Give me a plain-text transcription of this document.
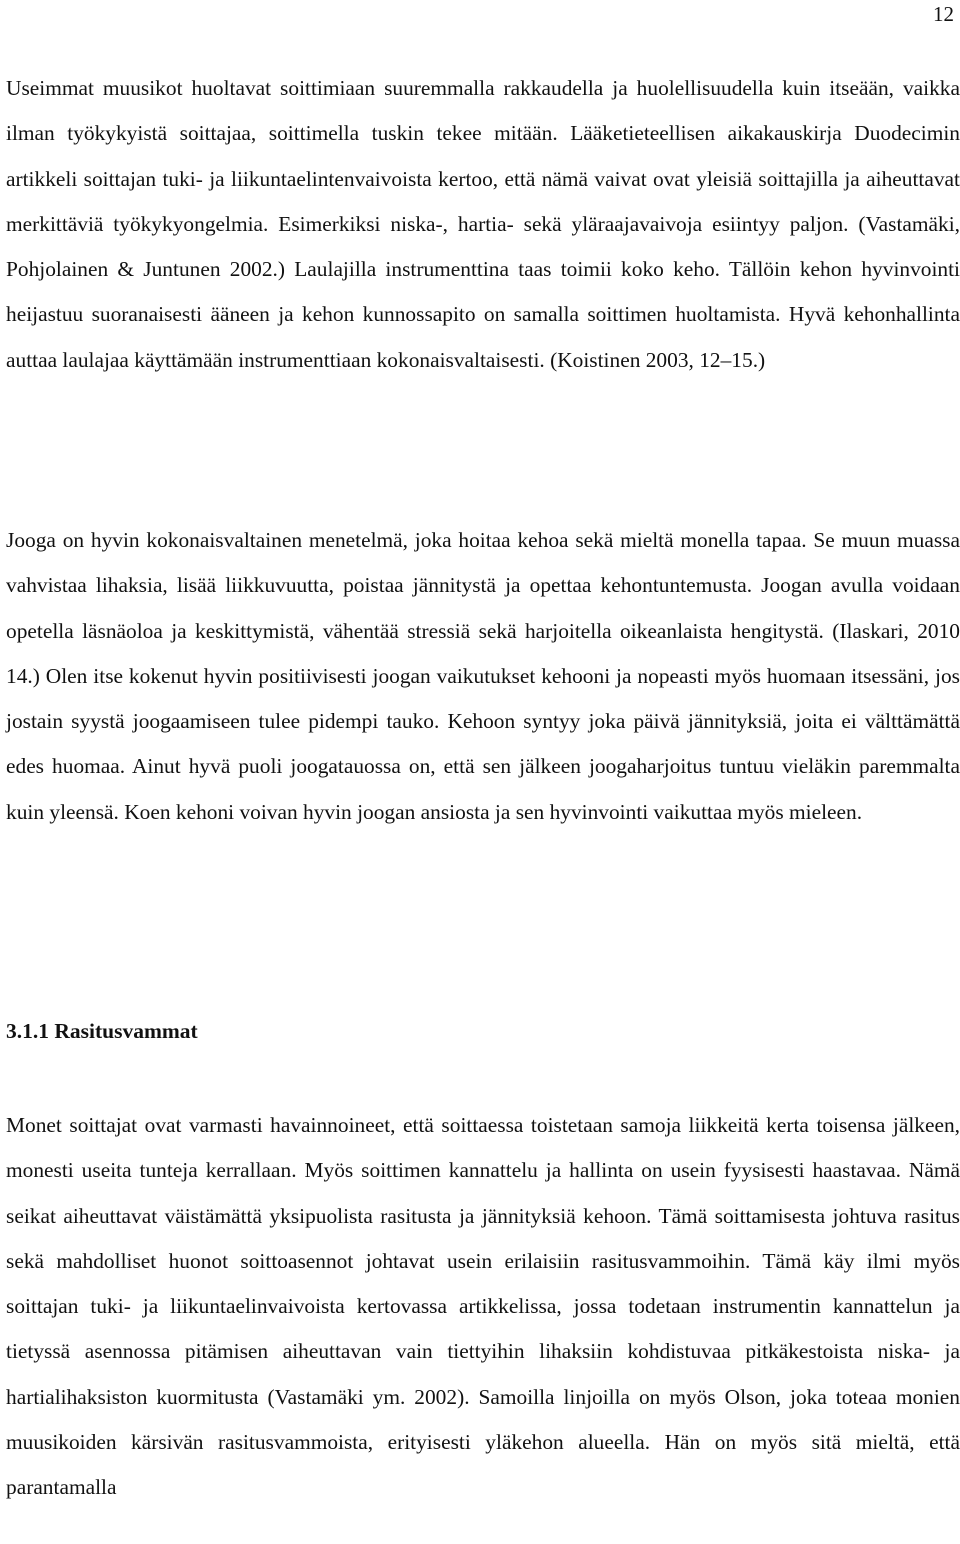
12

Useimmat muusikot huoltavat soittimiaan suuremmalla rakkaudella ja huolellisuudella kuin itseään, vaikka ilman työkykyistä soittajaa, soittimella tuskin tekee mitään. Lääketieteellisen aikakauskirja Duodecimin artikkeli soittajan tuki- ja liikuntaelintenvaivoista kertoo, että nämä vaivat ovat yleisiä soittajilla ja aiheuttavat merkittäviä työkykyongelmia. Esimerkiksi niska-, hartia- sekä yläraajavaivoja esiintyy paljon. (Vastamäki, Pohjolainen & Juntunen 2002.) Laulajilla instrumenttina taas toimii koko keho. Tällöin kehon hyvinvointi heijastuu suoranaisesti ääneen ja kehon kunnossapito on samalla soittimen huoltamista. Hyvä kehonhallinta auttaa laulajaa käyttämään instrumenttiaan kokonaisvaltaisesti. (Koistinen 2003, 12–15.)

Jooga on hyvin kokonaisvaltainen menetelmä, joka hoitaa kehoa sekä mieltä monella tapaa. Se muun muassa vahvistaa lihaksia, lisää liikkuvuutta, poistaa jännitystä ja opettaa kehontuntemusta. Joogan avulla voidaan opetella läsnäoloa ja keskittymistä, vähentää stressiä sekä harjoitella oikeanlaista hengitystä. (Ilaskari, 2010 14.) Olen itse kokenut hyvin positiivisesti joogan vaikutukset kehooni ja nopeasti myös huomaan itsessäni, jos jostain syystä joogaamiseen tulee pidempi tauko. Kehoon syntyy joka päivä jännityksiä, joita ei välttämättä edes huomaa. Ainut hyvä puoli joogatauossa on, että sen jälkeen joogaharjoitus tuntuu vieläkin paremmalta kuin yleensä. Koen kehoni voivan hyvin joogan ansiosta ja sen hyvinvointi vaikuttaa myös mieleen.

3.1.1 Rasitusvammat

Monet soittajat ovat varmasti havainnoineet, että soittaessa toistetaan samoja liikkeitä kerta toisensa jälkeen, monesti useita tunteja kerrallaan. Myös soittimen kannattelu ja hallinta on usein fyysisesti haastavaa. Nämä seikat aiheuttavat väistämättä yksipuolista rasitusta ja jännityksiä kehoon. Tämä soittamisesta johtuva rasitus sekä mahdolliset huonot soittoasennot johtavat usein erilaisiin rasitusvammoihin. Tämä käy ilmi myös soittajan tuki- ja liikuntaelinvaivoista kertovassa artikkelissa, jossa todetaan instrumentin kannattelun ja tietyssä asennossa pitämisen aiheuttavan vain tiettyihin lihaksiin kohdistuvaa pitkäkestoista niska- ja hartialihaksiston kuormitusta (Vastamäki ym. 2002). Samoilla linjoilla on myös Olson, joka toteaa monien muusikoiden kärsivän rasitusvammoista, erityisesti yläkehon alueella. Hän on myös sitä mieltä, että parantamalla
